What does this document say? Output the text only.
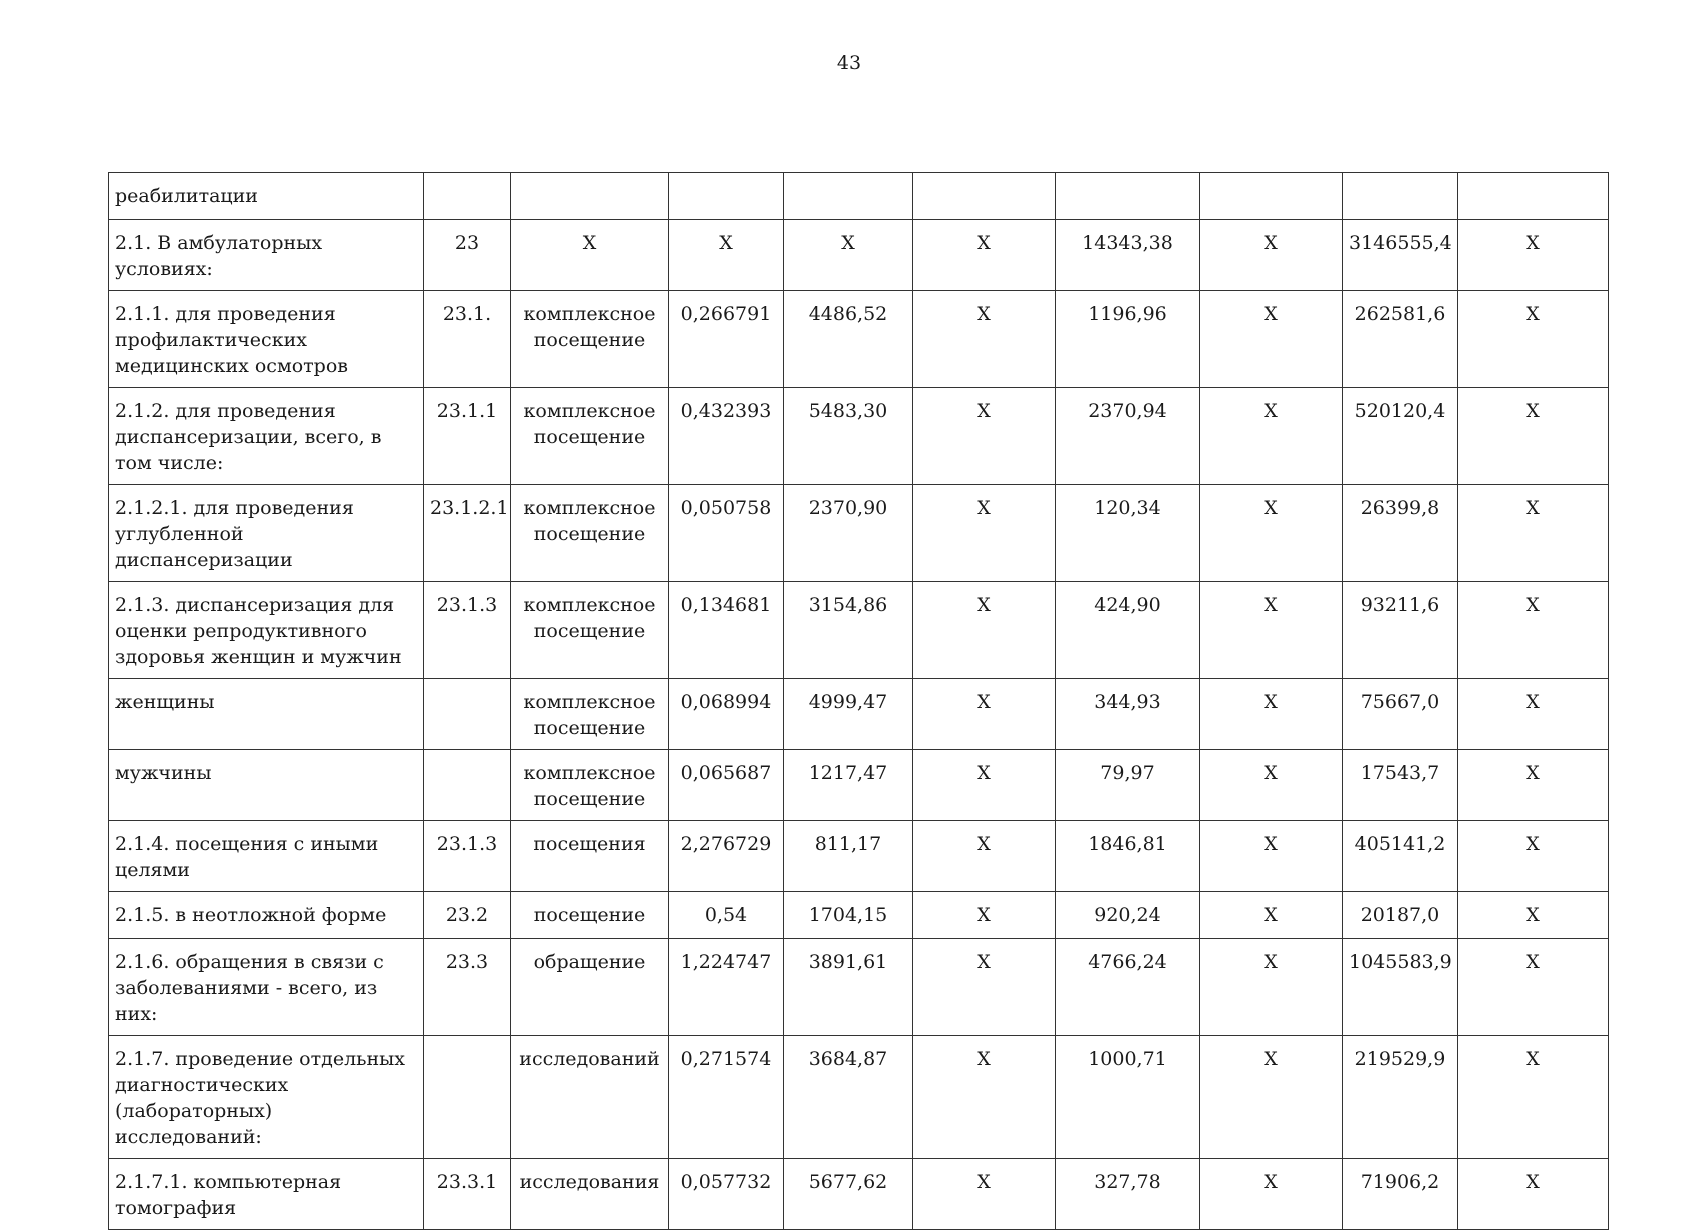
43
реабилитации									
2.1. В амбулаторных условиях:	23	Х	Х	Х	Х	14343,38	Х	3146555,4	Х
2.1.1. для проведения профилактических медицинских осмотров	23.1.	комплексное посещение	0,266791	4486,52	Х	1196,96	Х	262581,6	Х
2.1.2. для проведения диспансеризации, всего, в том числе:	23.1.1	комплексное посещение	0,432393	5483,30	Х	2370,94	Х	520120,4	Х
2.1.2.1. для проведения углубленной диспансеризации	23.1.2.1	комплексное посещение	0,050758	2370,90	Х	120,34	Х	26399,8	Х
2.1.3. диспансеризация для оценки репродуктивного здоровья женщин и мужчин	23.1.3	комплексное посещение	0,134681	3154,86	Х	424,90	Х	93211,6	Х
женщины		комплексное посещение	0,068994	4999,47	Х	344,93	Х	75667,0	Х
мужчины		комплексное посещение	0,065687	1217,47	Х	79,97	Х	17543,7	Х
2.1.4. посещения с иными целями	23.1.3	посещения	2,276729	811,17	Х	1846,81	Х	405141,2	Х
2.1.5. в неотложной форме	23.2	посещение	0,54	1704,15	Х	920,24	Х	20187,0	Х
2.1.6. обращения в связи с заболеваниями - всего, из них:	23.3	обращение	1,224747	3891,61	Х	4766,24	Х	1045583,9	Х
2.1.7. проведение отдельных диагностических (лабораторных) исследований:		исследований	0,271574	3684,87	Х	1000,71	Х	219529,9	Х
2.1.7.1. компьютерная томография	23.3.1	исследования	0,057732	5677,62	Х	327,78	Х	71906,2	Х
